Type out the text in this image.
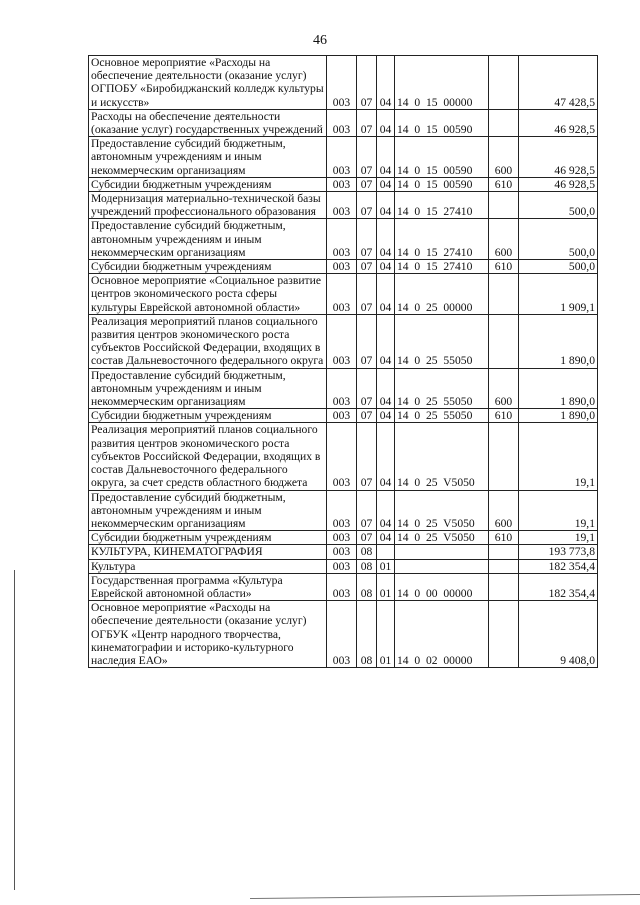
46
Основное мероприятие «Расходы на обеспечение деятельности (оказание услуг) ОГПОБУ «Биробиджанский колледж культуры и искусств»	003	07	04	14  0  15  00000		47 428,5
Расходы на обеспечение деятельности (оказание услуг) государственных учреждений	003	07	04	14  0  15  00590		46 928,5
Предоставление субсидий бюджетным, автономным учреждениям и иным некоммерческим организациям	003	07	04	14  0  15  00590	600	46 928,5
Субсидии бюджетным учреждениям	003	07	04	14  0  15  00590	610	46 928,5
Модернизация материально-технической базы учреждений профессионального образования	003	07	04	14  0  15  27410		500,0
Предоставление субсидий бюджетным, автономным учреждениям и иным некоммерческим организациям	003	07	04	14  0  15  27410	600	500,0
Субсидии бюджетным учреждениям	003	07	04	14  0  15  27410	610	500,0
Основное мероприятие «Социальное развитие центров экономического роста сферы культуры Еврейской автономной области»	003	07	04	14  0  25  00000		1 909,1
Реализация мероприятий планов социального развития центров экономического роста субъектов Российской Федерации, входящих в состав Дальневосточного федерального округа	003	07	04	14  0  25  55050		1 890,0
Предоставление субсидий бюджетным, автономным учреждениям и иным некоммерческим организациям	003	07	04	14  0  25  55050	600	1 890,0
Субсидии бюджетным учреждениям	003	07	04	14  0  25  55050	610	1 890,0
Реализация мероприятий планов социального развития центров экономического роста субъектов Российской Федерации, входящих в состав Дальневосточного федерального округа, за счет средств областного бюджета	003	07	04	14  0  25  V5050		19,1
Предоставление субсидий бюджетным, автономным учреждениям и иным некоммерческим организациям	003	07	04	14  0  25  V5050	600	19,1
Субсидии бюджетным учреждениям	003	07	04	14  0  25  V5050	610	19,1
КУЛЬТУРА, КИНЕМАТОГРАФИЯ	003	08				193 773,8
Культура	003	08	01			182 354,4
Государственная программа «Культура Еврейской автономной области»	003	08	01	14  0  00  00000		182 354,4
Основное мероприятие «Расходы на обеспечение деятельности (оказание услуг) ОГБУК «Центр народного творчества, кинематографии и историко-культурного наследия ЕАО»	003	08	01	14  0  02  00000		9 408,0
